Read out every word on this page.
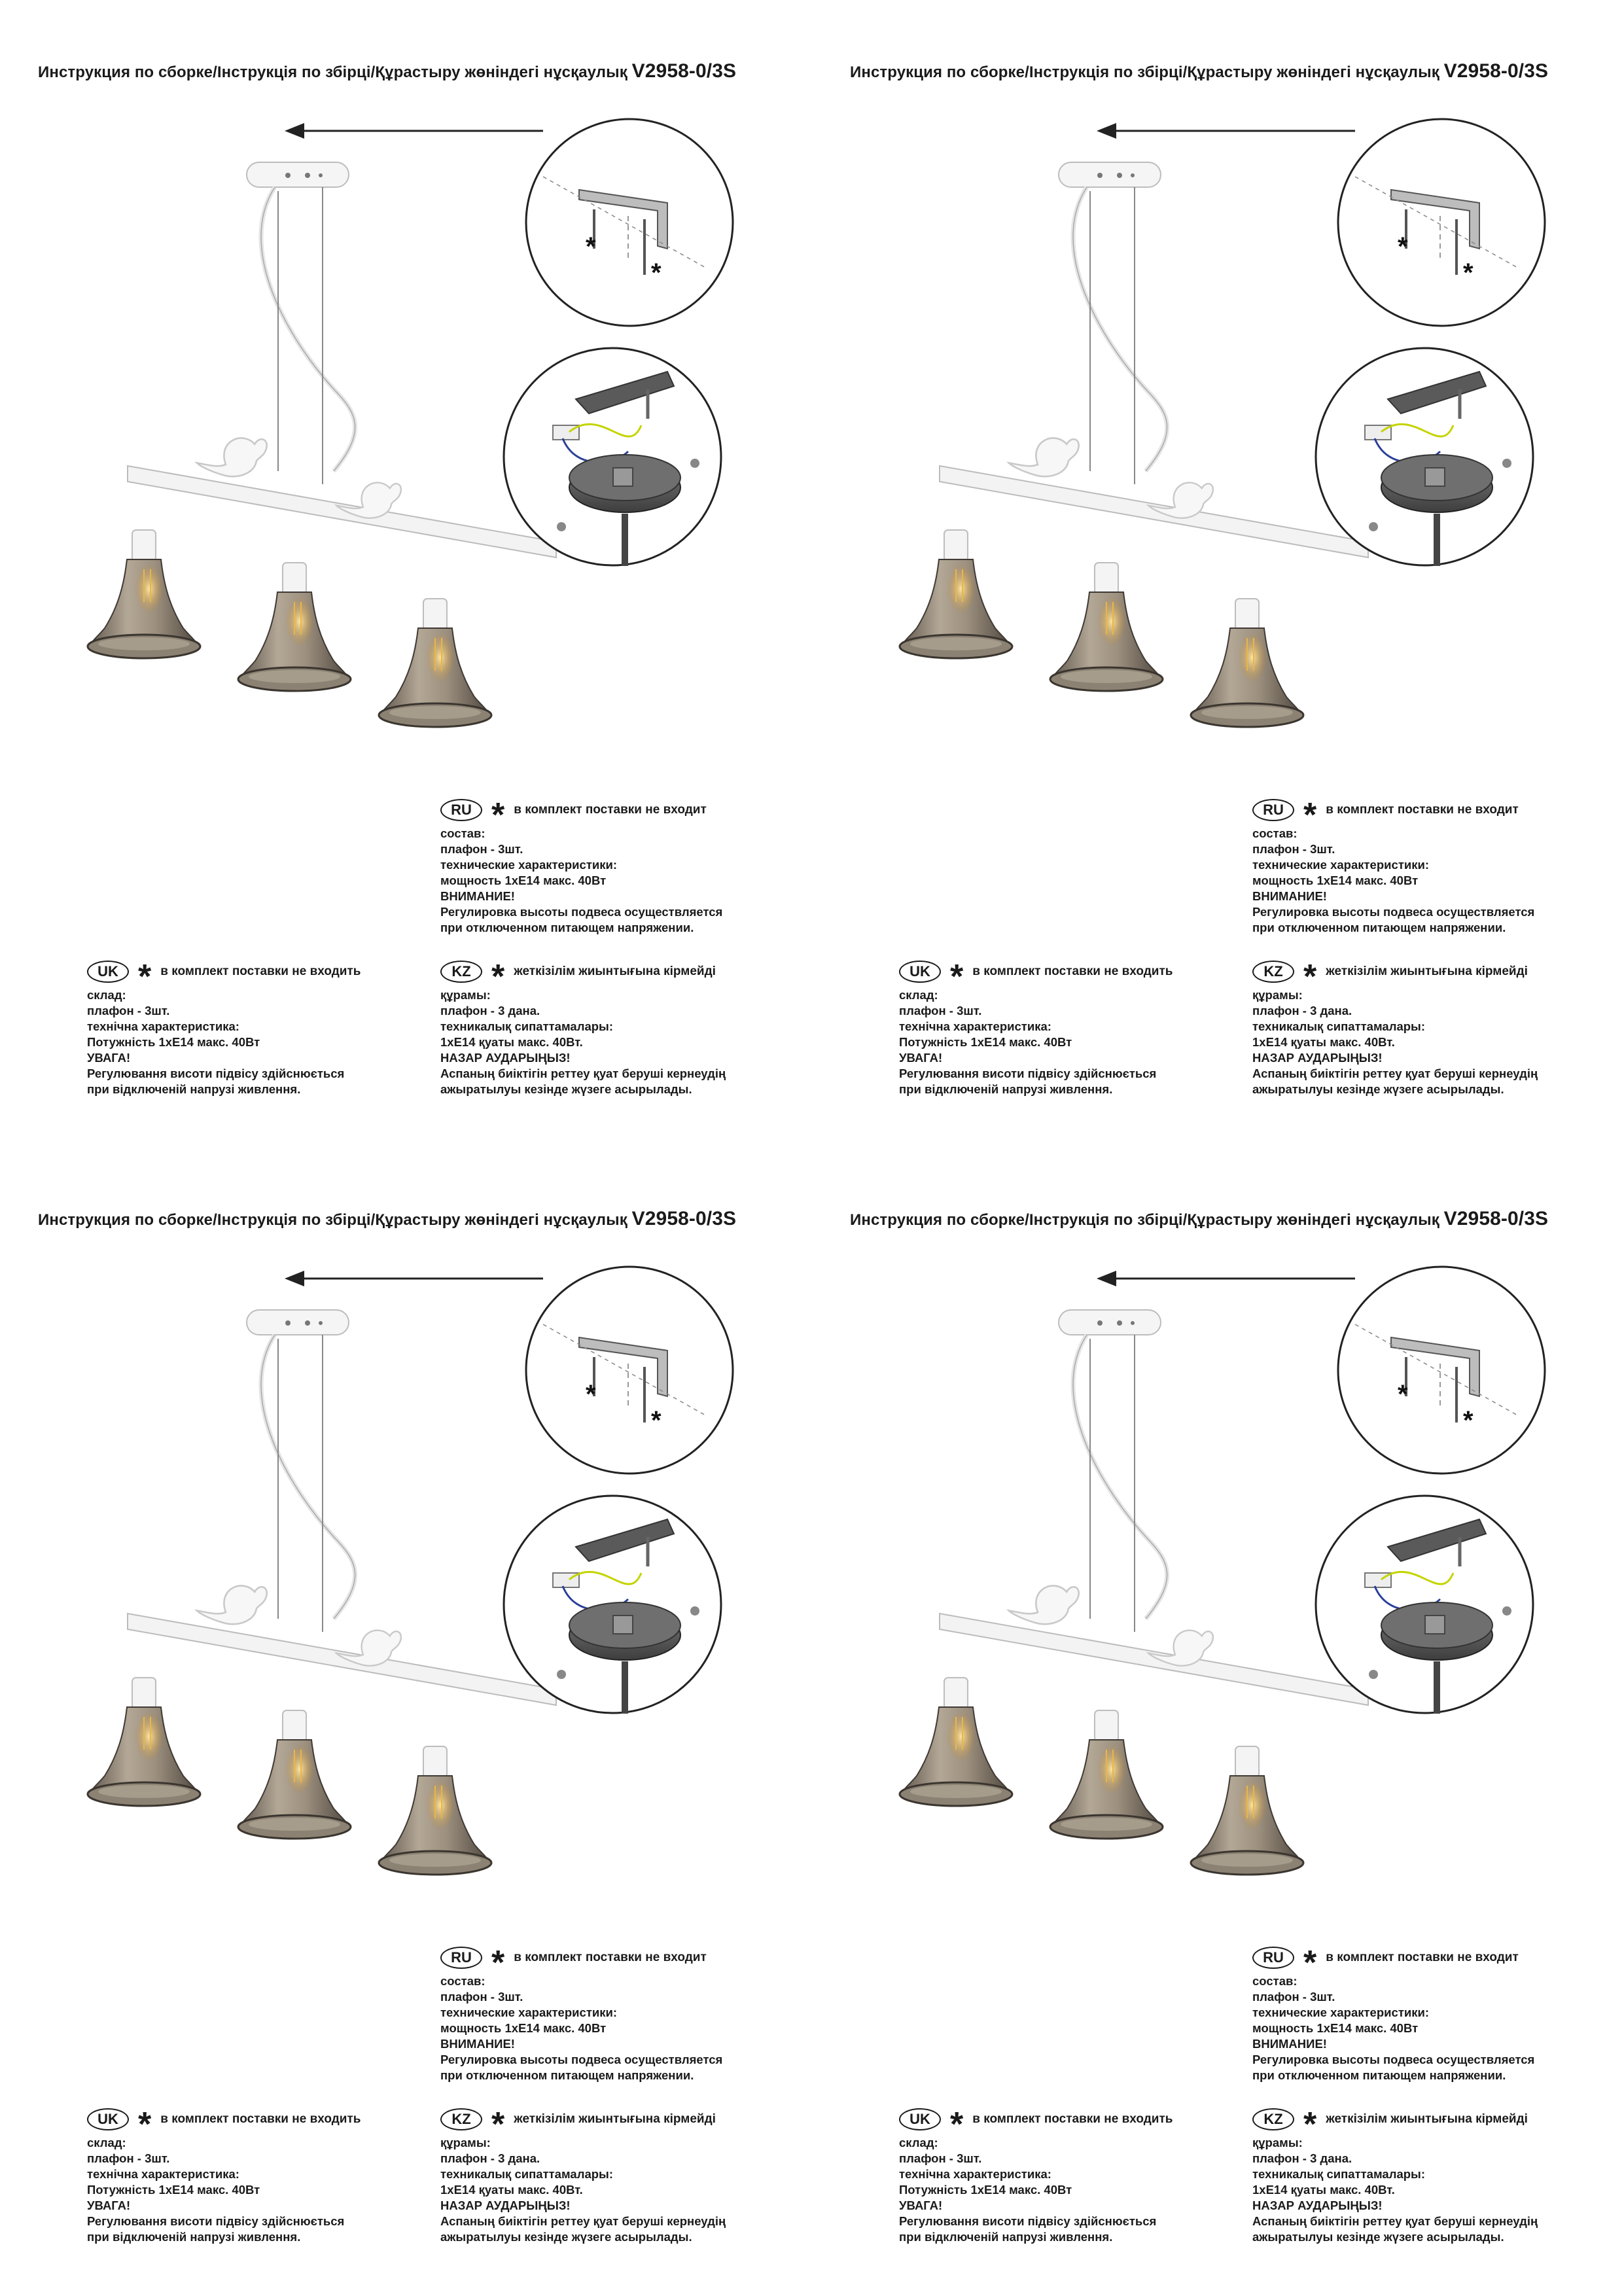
Инструкция по сборке/Інструкція по збірці/Құрастыру жөніндегі нұсқаулық V2958-0/3S
RU * в комплект поставки не входит
состав:
плафон - 3шт.
технические характеристики:
мощность 1хЕ14 макс. 40Вт
ВНИМАНИЕ!
Регулировка высоты подвеса осуществляется
при отключенном питающем напряжении.
UK * в комплект поставки не входить
склад:
плафон - 3шт.
технічна характеристика:
Потужність 1хЕ14 макс. 40Вт
УВАГА!
Регулювання висоти підвісу здійснюється
при відключеній напрузі живлення.
KZ * жеткізілім жиынтығына кірмейді
құрамы:
плафон - 3 дана.
техникалық сипаттамалары:
1хЕ14 қуаты макс. 40Вт.
НАЗАР АУДАРЫҢЫЗ!
Аспаның биіктігін реттеу қуат беруші кернеудің
ажыратылуы кезінде жүзеге асырылады.
Инструкция по сборке/Інструкція по збірці/Құрастыру жөніндегі нұсқаулық V2958-0/3S
RU * в комплект поставки не входит
состав:
плафон - 3шт.
технические характеристики:
мощность 1хЕ14 макс. 40Вт
ВНИМАНИЕ!
Регулировка высоты подвеса осуществляется
при отключенном питающем напряжении.
UK * в комплект поставки не входить
склад:
плафон - 3шт.
технічна характеристика:
Потужність 1хЕ14 макс. 40Вт
УВАГА!
Регулювання висоти підвісу здійснюється
при відключеній напрузі живлення.
KZ * жеткізілім жиынтығына кірмейді
құрамы:
плафон - 3 дана.
техникалық сипаттамалары:
1хЕ14 қуаты макс. 40Вт.
НАЗАР АУДАРЫҢЫЗ!
Аспаның биіктігін реттеу қуат беруші кернеудің
ажыратылуы кезінде жүзеге асырылады.
Инструкция по сборке/Інструкція по збірці/Құрастыру жөніндегі нұсқаулық V2958-0/3S
RU * в комплект поставки не входит
состав:
плафон - 3шт.
технические характеристики:
мощность 1хЕ14 макс. 40Вт
ВНИМАНИЕ!
Регулировка высоты подвеса осуществляется
при отключенном питающем напряжении.
UK * в комплект поставки не входить
склад:
плафон - 3шт.
технічна характеристика:
Потужність 1хЕ14 макс. 40Вт
УВАГА!
Регулювання висоти підвісу здійснюється
при відключеній напрузі живлення.
KZ * жеткізілім жиынтығына кірмейді
құрамы:
плафон - 3 дана.
техникалық сипаттамалары:
1хЕ14 қуаты макс. 40Вт.
НАЗАР АУДАРЫҢЫЗ!
Аспаның биіктігін реттеу қуат беруші кернеудің
ажыратылуы кезінде жүзеге асырылады.
Инструкция по сборке/Інструкція по збірці/Құрастыру жөніндегі нұсқаулық V2958-0/3S
RU * в комплект поставки не входит
состав:
плафон - 3шт.
технические характеристики:
мощность 1хЕ14 макс. 40Вт
ВНИМАНИЕ!
Регулировка высоты подвеса осуществляется
при отключенном питающем напряжении.
UK * в комплект поставки не входить
склад:
плафон - 3шт.
технічна характеристика:
Потужність 1хЕ14 макс. 40Вт
УВАГА!
Регулювання висоти підвісу здійснюється
при відключеній напрузі живлення.
KZ * жеткізілім жиынтығына кірмейді
құрамы:
плафон - 3 дана.
техникалық сипаттамалары:
1хЕ14 қуаты макс. 40Вт.
НАЗАР АУДАРЫҢЫЗ!
Аспаның биіктігін реттеу қуат беруші кернеудің
ажыратылуы кезінде жүзеге асырылады.
